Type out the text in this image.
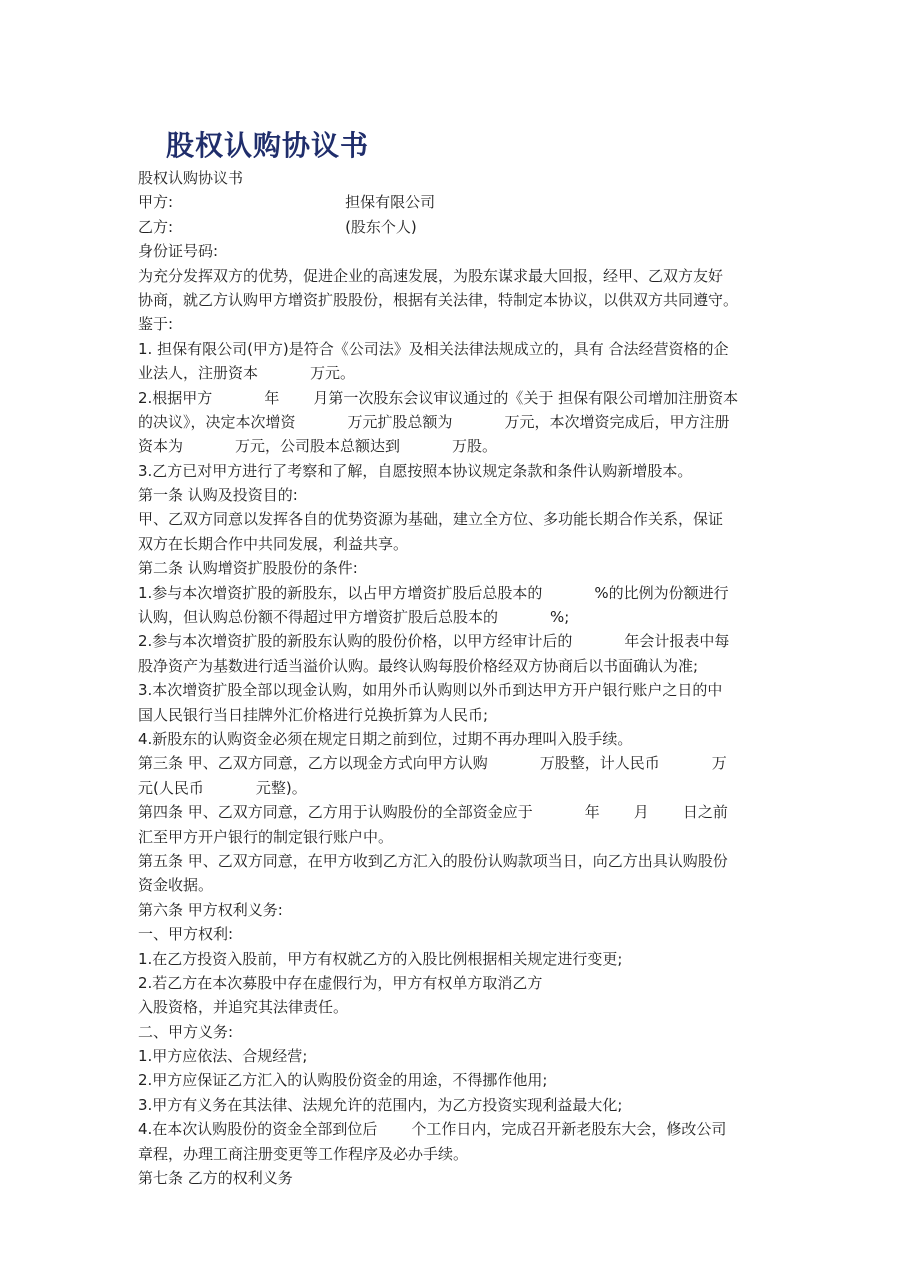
股权认购协议书
股权认购协议书
甲方:	担保有限公司
乙方:	(股东个人)
身份证号码:
为充分发挥双方的优势，促进企业的高速发展，为股东谋求最大回报，经甲、乙双方友好
协商，就乙方认购甲方增资扩股股份，根据有关法律，特制定本协议，以供双方共同遵守。
鉴于:
1. 担保有限公司(甲方)是符合《公司法》及相关法律法规成立的，具有 合法经营资格的企
业法人，注册资本	万元。
2.根据甲方	年 月第一次股东会议审议通过的《关于 担保有限公司增加注册资本
的决议》，决定本次增资	万元扩股总额为	万元，本次增资完成后，甲方注册
资本为	万元，公司股本总额达到	万股。
3.乙方已对甲方进行了考察和了解，自愿按照本协议规定条款和条件认购新增股本。
第一条 认购及投资目的:
甲、乙双方同意以发挥各自的优势资源为基础，建立全方位、多功能长期合作关系，保证
双方在长期合作中共同发展，利益共享。
第二条 认购增资扩股股份的条件:
1.参与本次增资扩股的新股东，以占甲方增资扩股后总股本的	%的比例为份额进行
认购，但认购总份额不得超过甲方增资扩股后总股本的	%;
2.参与本次增资扩股的新股东认购的股份价格，以甲方经审计后的	年会计报表中每
股净资产为基数进行适当溢价认购。最终认购每股价格经双方协商后以书面确认为准;
3.本次增资扩股全部以现金认购，如用外币认购则以外币到达甲方开户银行账户之日的中
国人民银行当日挂牌外汇价格进行兑换折算为人民币;
4.新股东的认购资金必须在规定日期之前到位，过期不再办理叫入股手续。
第三条 甲、乙双方同意，乙方以现金方式向甲方认购	万股整，计人民币	万
元(人民币	元整)。
第四条 甲、乙双方同意，乙方用于认购股份的全部资金应于	年 月 日之前
汇至甲方开户银行的制定银行账户中。
第五条 甲、乙双方同意，在甲方收到乙方汇入的股份认购款项当日，向乙方出具认购股份
资金收据。
第六条 甲方权利义务:
一、甲方权利:
1.在乙方投资入股前，甲方有权就乙方的入股比例根据相关规定进行变更;
2.若乙方在本次募股中存在虚假行为，甲方有权单方取消乙方
入股资格，并追究其法律责任。
二、甲方义务:
1.甲方应依法、合规经营;
2.甲方应保证乙方汇入的认购股份资金的用途，不得挪作他用;
3.甲方有义务在其法律、法规允许的范围内，为乙方投资实现利益最大化;
4.在本次认购股份的资金全部到位后 个工作日内，完成召开新老股东大会，修改公司
章程，办理工商注册变更等工作程序及必办手续。
第七条 乙方的权利义务
